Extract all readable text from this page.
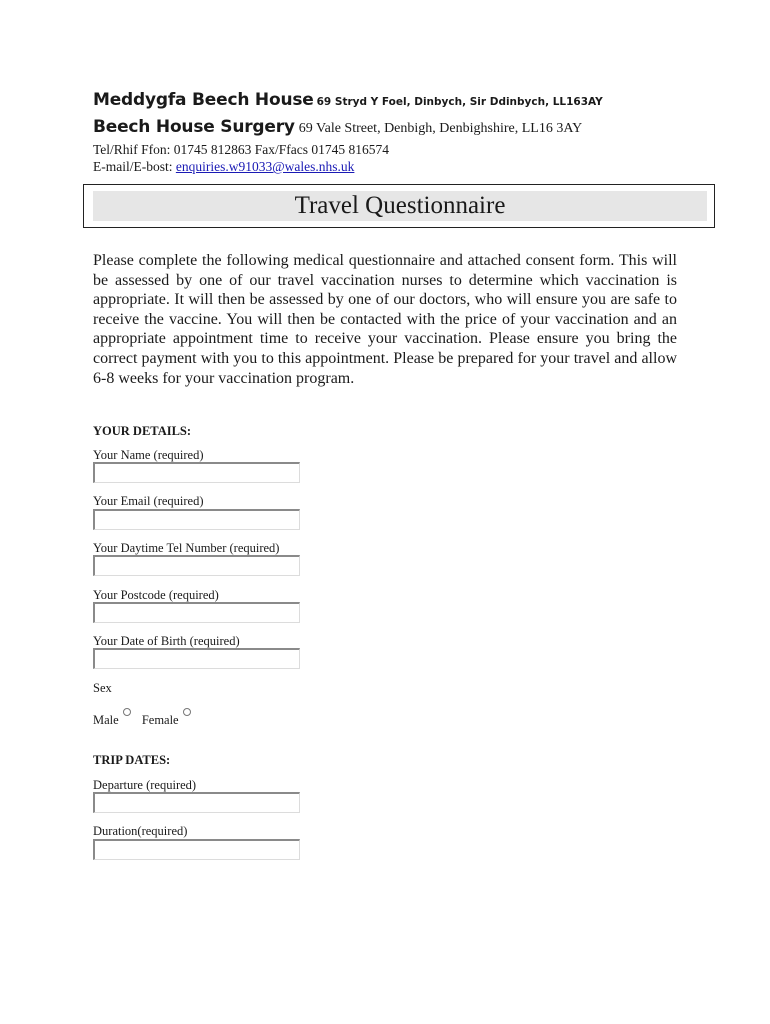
Meddygfa Beech House 69 Stryd Y Foel, Dinbych, Sir Ddinbych, LL163AY
Beech House Surgery 69 Vale Street, Denbigh, Denbighshire, LL16 3AY
Tel/Rhif Ffon: 01745 812863 Fax/Ffacs 01745 816574
E-mail/E-bost: enquiries.w91033@wales.nhs.uk
Travel Questionnaire
Please complete the following medical questionnaire and attached consent form. This will be assessed by one of our travel vaccination nurses to determine which vaccination is appropriate. It will then be assessed by one of our doctors, who will ensure you are safe to receive the vaccine. You will then be contacted with the price of your vaccination and an appropriate appointment time to receive your vaccination. Please ensure you bring the correct payment with you to this appointment. Please be prepared for your travel and allow 6-8 weeks for your vaccination program.
YOUR DETAILS:
Your Name (required)
Your Email (required)
Your Daytime Tel Number (required)
Your Postcode (required)
Your Date of Birth (required)
Sex
Male Female
TRIP DATES:
Departure (required)
Duration(required)
